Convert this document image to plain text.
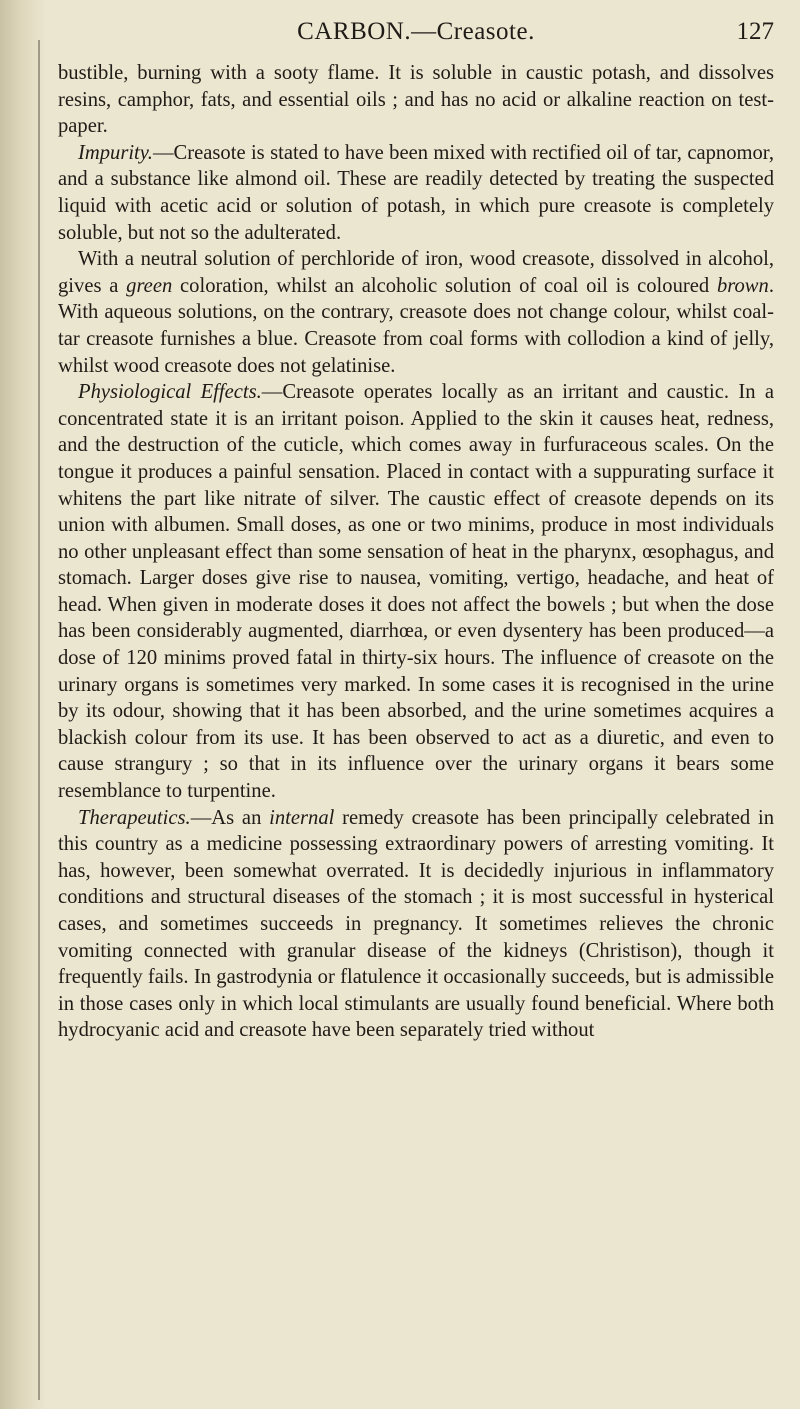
CARBON.—Creasote.	127

bustible, burning with a sooty flame. It is soluble in caustic potash, and dissolves resins, camphor, fats, and essential oils ; and has no acid or alkaline reaction on test-paper.

Impurity.—Creasote is stated to have been mixed with rectified oil of tar, capnomor, and a substance like almond oil. These are readily detected by treating the suspected liquid with acetic acid or solution of potash, in which pure creasote is completely soluble, but not so the adulterated.

With a neutral solution of perchloride of iron, wood creasote, dissolved in alcohol, gives a green coloration, whilst an alcoholic solution of coal oil is coloured brown. With aqueous solutions, on the contrary, creasote does not change colour, whilst coal-tar creasote furnishes a blue. Creasote from coal forms with collodion a kind of jelly, whilst wood creasote does not gelatinise.

Physiological Effects.—Creasote operates locally as an irritant and caustic. In a concentrated state it is an irritant poison. Applied to the skin it causes heat, redness, and the destruction of the cuticle, which comes away in furfuraceous scales. On the tongue it produces a painful sensation. Placed in contact with a suppurating surface it whitens the part like nitrate of silver. The caustic effect of creasote depends on its union with albumen. Small doses, as one or two minims, produce in most individuals no other unpleasant effect than some sensation of heat in the pharynx, œsophagus, and stomach. Larger doses give rise to nausea, vomiting, vertigo, headache, and heat of head. When given in moderate doses it does not affect the bowels ; but when the dose has been considerably augmented, diarrhœa, or even dysentery has been produced—a dose of 120 minims proved fatal in thirty-six hours. The influence of creasote on the urinary organs is sometimes very marked. In some cases it is recognised in the urine by its odour, showing that it has been absorbed, and the urine sometimes acquires a blackish colour from its use. It has been observed to act as a diuretic, and even to cause strangury ; so that in its influence over the urinary organs it bears some resemblance to turpentine.

Therapeutics.—As an internal remedy creasote has been principally celebrated in this country as a medicine possessing extraordinary powers of arresting vomiting. It has, however, been somewhat overrated. It is decidedly injurious in inflammatory conditions and structural diseases of the stomach ; it is most successful in hysterical cases, and sometimes succeeds in pregnancy. It sometimes relieves the chronic vomiting connected with granular disease of the kidneys (Christison), though it frequently fails. In gastrodynia or flatulence it occasionally succeeds, but is admissible in those cases only in which local stimulants are usually found beneficial. Where both hydrocyanic acid and creasote have been separately tried without
